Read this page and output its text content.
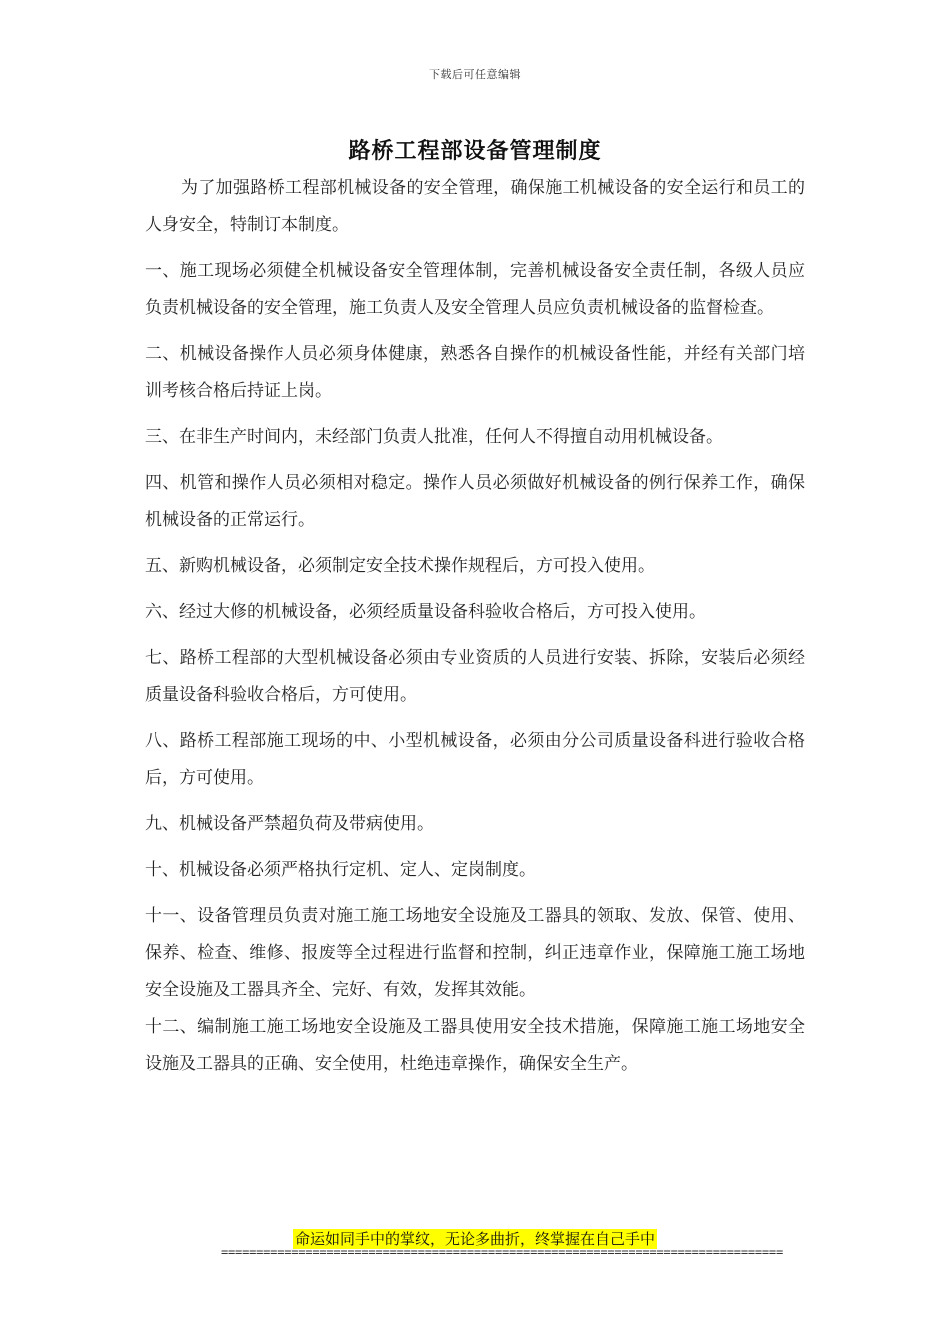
下载后可任意编辑
路桥工程部设备管理制度

为了加强路桥工程部机械设备的安全管理，确保施工机械设备的安全运行和员工的人身安全，特制订本制度。

一、施工现场必须健全机械设备安全管理体制，完善机械设备安全责任制，各级人员应负责机械设备的安全管理，施工负责人及安全管理人员应负责机械设备的监督检查。

二、机械设备操作人员必须身体健康，熟悉各自操作的机械设备性能，并经有关部门培训考核合格后持证上岗。

三、在非生产时间内，未经部门负责人批准，任何人不得擅自动用机械设备。

四、机管和操作人员必须相对稳定。操作人员必须做好机械设备的例行保养工作，确保机械设备的正常运行。

五、新购机械设备，必须制定安全技术操作规程后，方可投入使用。

六、经过大修的机械设备，必须经质量设备科验收合格后，方可投入使用。

七、路桥工程部的大型机械设备必须由专业资质的人员进行安装、拆除，安装后必须经质量设备科验收合格后，方可使用。

八、路桥工程部施工现场的中、小型机械设备，必须由分公司质量设备科进行验收合格后，方可使用。

九、机械设备严禁超负荷及带病使用。

十、机械设备必须严格执行定机、定人、定岗制度。

十一、设备管理员负责对施工施工场地安全设施及工器具的领取、发放、保管、使用、保养、检查、维修、报废等全过程进行监督和控制，纠正违章作业，保障施工施工场地安全设施及工器具齐全、完好、有效，发挥其效能。

十二、编制施工施工场地安全设施及工器具使用安全技术措施，保障施工施工场地安全设施及工器具的正确、安全使用，杜绝违章操作，确保安全生产。

命运如同手中的掌纹，无论多曲折，终掌握在自己手中
================================================================================
